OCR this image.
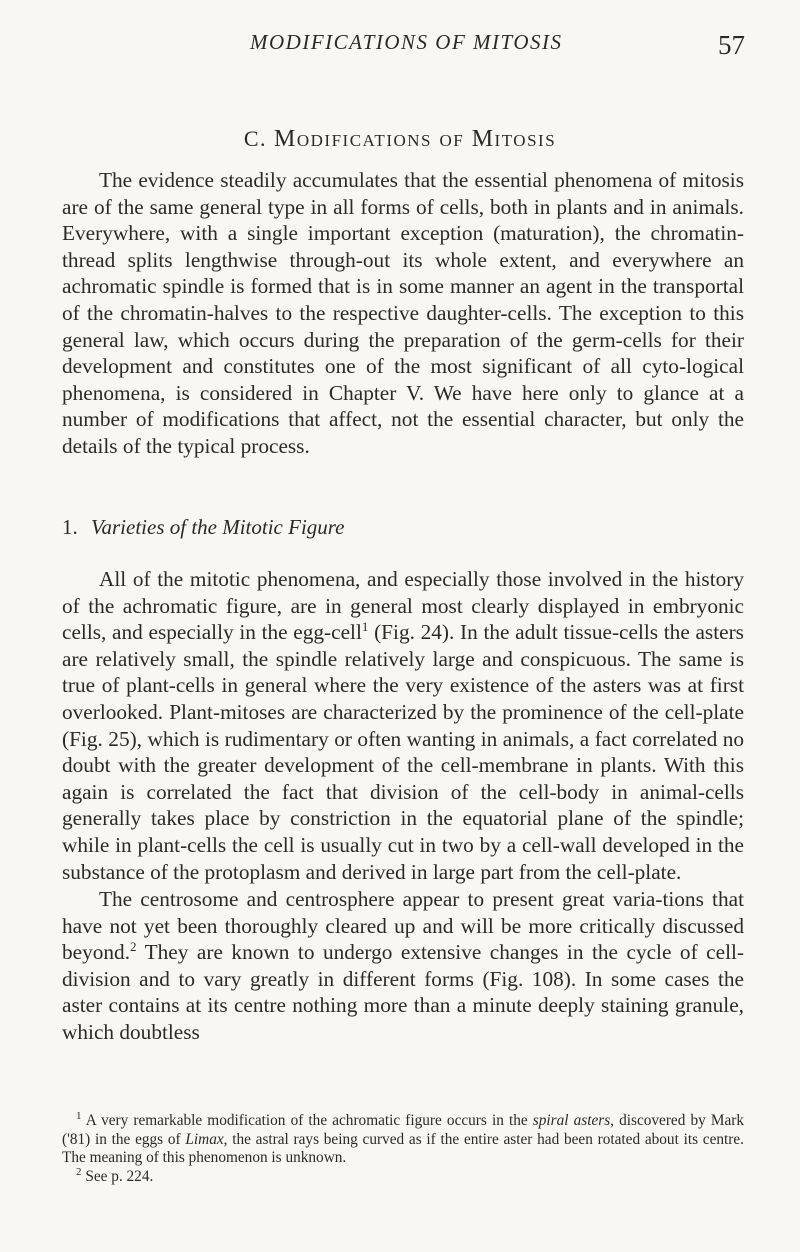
MODIFICATIONS OF MITOSIS	57
C. Modifications of Mitosis

The evidence steadily accumulates that the essential phenomena of mitosis are of the same general type in all forms of cells, both in plants and in animals. Everywhere, with a single important exception (maturation), the chromatin-thread splits lengthwise through-out its whole extent, and everywhere an achromatic spindle is formed that is in some manner an agent in the transportal of the chromatin-halves to the respective daughter-cells. The exception to this general law, which occurs during the preparation of the germ-cells for their development and constitutes one of the most significant of all cyto-logical phenomena, is considered in Chapter V. We have here only to glance at a number of modifications that affect, not the essential character, but only the details of the typical process.

1. Varieties of the Mitotic Figure

All of the mitotic phenomena, and especially those involved in the history of the achromatic figure, are in general most clearly displayed in embryonic cells, and especially in the egg-cell$^1$ (Fig. 24). In the adult tissue-cells the asters are relatively small, the spindle relatively large and conspicuous. The same is true of plant-cells in general where the very existence of the asters was at first overlooked. Plant-mitoses are characterized by the prominence of the cell-plate (Fig. 25), which is rudimentary or often wanting in animals, a fact correlated no doubt with the greater development of the cell-membrane in plants. With this again is correlated the fact that division of the cell-body in animal-cells generally takes place by constriction in the equatorial plane of the spindle; while in plant-cells the cell is usually cut in two by a cell-wall developed in the substance of the protoplasm and derived in large part from the cell-plate.

The centrosome and centrosphere appear to present great varia-tions that have not yet been thoroughly cleared up and will be more critically discussed beyond.$^2$ They are known to undergo extensive changes in the cycle of cell-division and to vary greatly in different forms (Fig. 108). In some cases the aster contains at its centre nothing more than a minute deeply staining granule, which doubtless

$^1$ A very remarkable modification of the achromatic figure occurs in the spiral asters, discovered by Mark ('81) in the eggs of Limax, the astral rays being curved as if the entire aster had been rotated about its centre. The meaning of this phenomenon is unknown.

$^2$ See p. 224.
